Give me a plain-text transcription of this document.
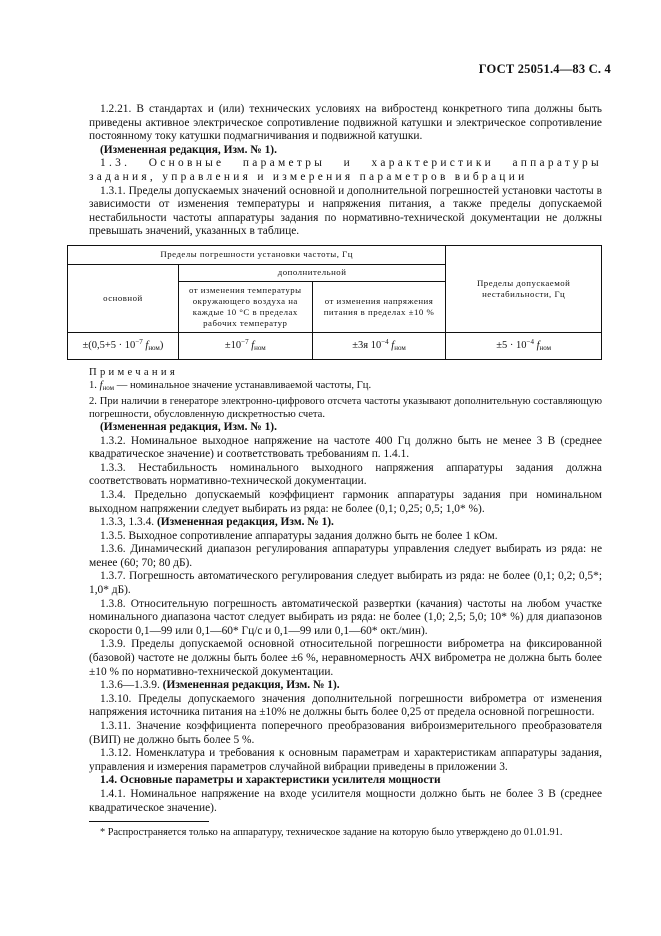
ГОСТ 25051.4—83 С. 4

1.2.21. В стандартах и (или) технических условиях на вибростенд конкретного типа должны быть приведены активное электрическое сопротивление подвижной катушки и электрическое сопротивление постоянному току катушки подмагничивания и подвижной катушки.

(Измененная редакция, Изм. № 1).

1.3. Основные параметры и характеристики аппаратуры задания, управления и измерения параметров вибрации

1.3.1. Пределы допускаемых значений основной и дополнительной погрешностей установки частоты в зависимости от изменения температуры и напряжения питания, а также пределы допускаемой нестабильности частоты аппаратуры задания по нормативно-технической документации не должны превышать значений, указанных в таблице.

Пределы погрешности установки частоты, Гц			Пределы допускаемой нестабильности, Гц
основной	дополнительной		
	от изменения температуры окружающего воздуха на каждые 10 °С в пределах рабочих температур	от изменения напряжения питания в пределах ±10 %	
$\pm(0,5+5 \cdot 10^{-7}$ $f_{ном}$)	$\pm 10^{-7}$ $f_{ном}$	±3я $10^{-4}$ $f_{ном}$	$\pm 5 \cdot 10^{-4}$ $f_{ном}$

Примечания

1. $f_{ном}$ — номинальное значение устанавливаемой частоты, Гц.

2. При наличии в генераторе электронно-цифрового отсчета частоты указывают дополнительную составляющую погрешности, обусловленную дискретностью счета.

(Измененная редакция, Изм. № 1).

1.3.2. Номинальное выходное напряжение на частоте 400 Гц должно быть не менее 3 В (среднее квадратическое значение) и соответствовать требованиям п. 1.4.1.

1.3.3. Нестабильность номинального выходного напряжения аппаратуры задания должна соответствовать нормативно-технической документации.

1.3.4. Предельно допускаемый коэффициент гармоник аппаратуры задания при номинальном выходном напряжении следует выбирать из ряда: не более (0,1; 0,25; 0,5; 1,0* %).

1.3.3, 1.3.4. (Измененная редакция, Изм. № 1).

1.3.5. Выходное сопротивление аппаратуры задания должно быть не более 1 кОм.

1.3.6. Динамический диапазон регулирования аппаратуры управления следует выбирать из ряда: не менее (60; 70; 80 дБ).

1.3.7. Погрешность автоматического регулирования следует выбирать из ряда: не более (0,1; 0,2; 0,5*; 1,0* дБ).

1.3.8. Относительную погрешность автоматической развертки (качания) частоты на любом участке номинального диапазона частот следует выбирать из ряда: не более (1,0; 2,5; 5,0; 10* %) для диапазонов скорости 0,1—99 или 0,1—60* Гц/с и 0,1—99 или 0,1—60* окт./мин).

1.3.9. Пределы допускаемой основной относительной погрешности виброметра на фиксированной (базовой) частоте не должны быть более ±6 %, неравномерность АЧХ виброметра не должна быть более ±10 % по нормативно-технической документации.

1.3.6—1.3.9. (Измененная редакция, Изм. № 1).

1.3.10. Пределы допускаемого значения дополнительной погрешности виброметра от изменения напряжения источника питания на ±10% не должны быть более 0,25 от предела основной погрешности.

1.3.11. Значение коэффициента поперечного преобразования виброизмерительного преобразователя (ВИП) не должно быть более 5 %.

1.3.12. Номенклатура и требования к основным параметрам и характеристикам аппаратуры задания, управления и измерения параметров случайной вибрации приведены в приложении 3.

1.4. Основные параметры и характеристики усилителя мощности

1.4.1. Номинальное напряжение на входе усилителя мощности должно быть не более 3 В (среднее квадратическое значение).

* Распространяется только на аппаратуру, техническое задание на которую было утверждено до 01.01.91.
